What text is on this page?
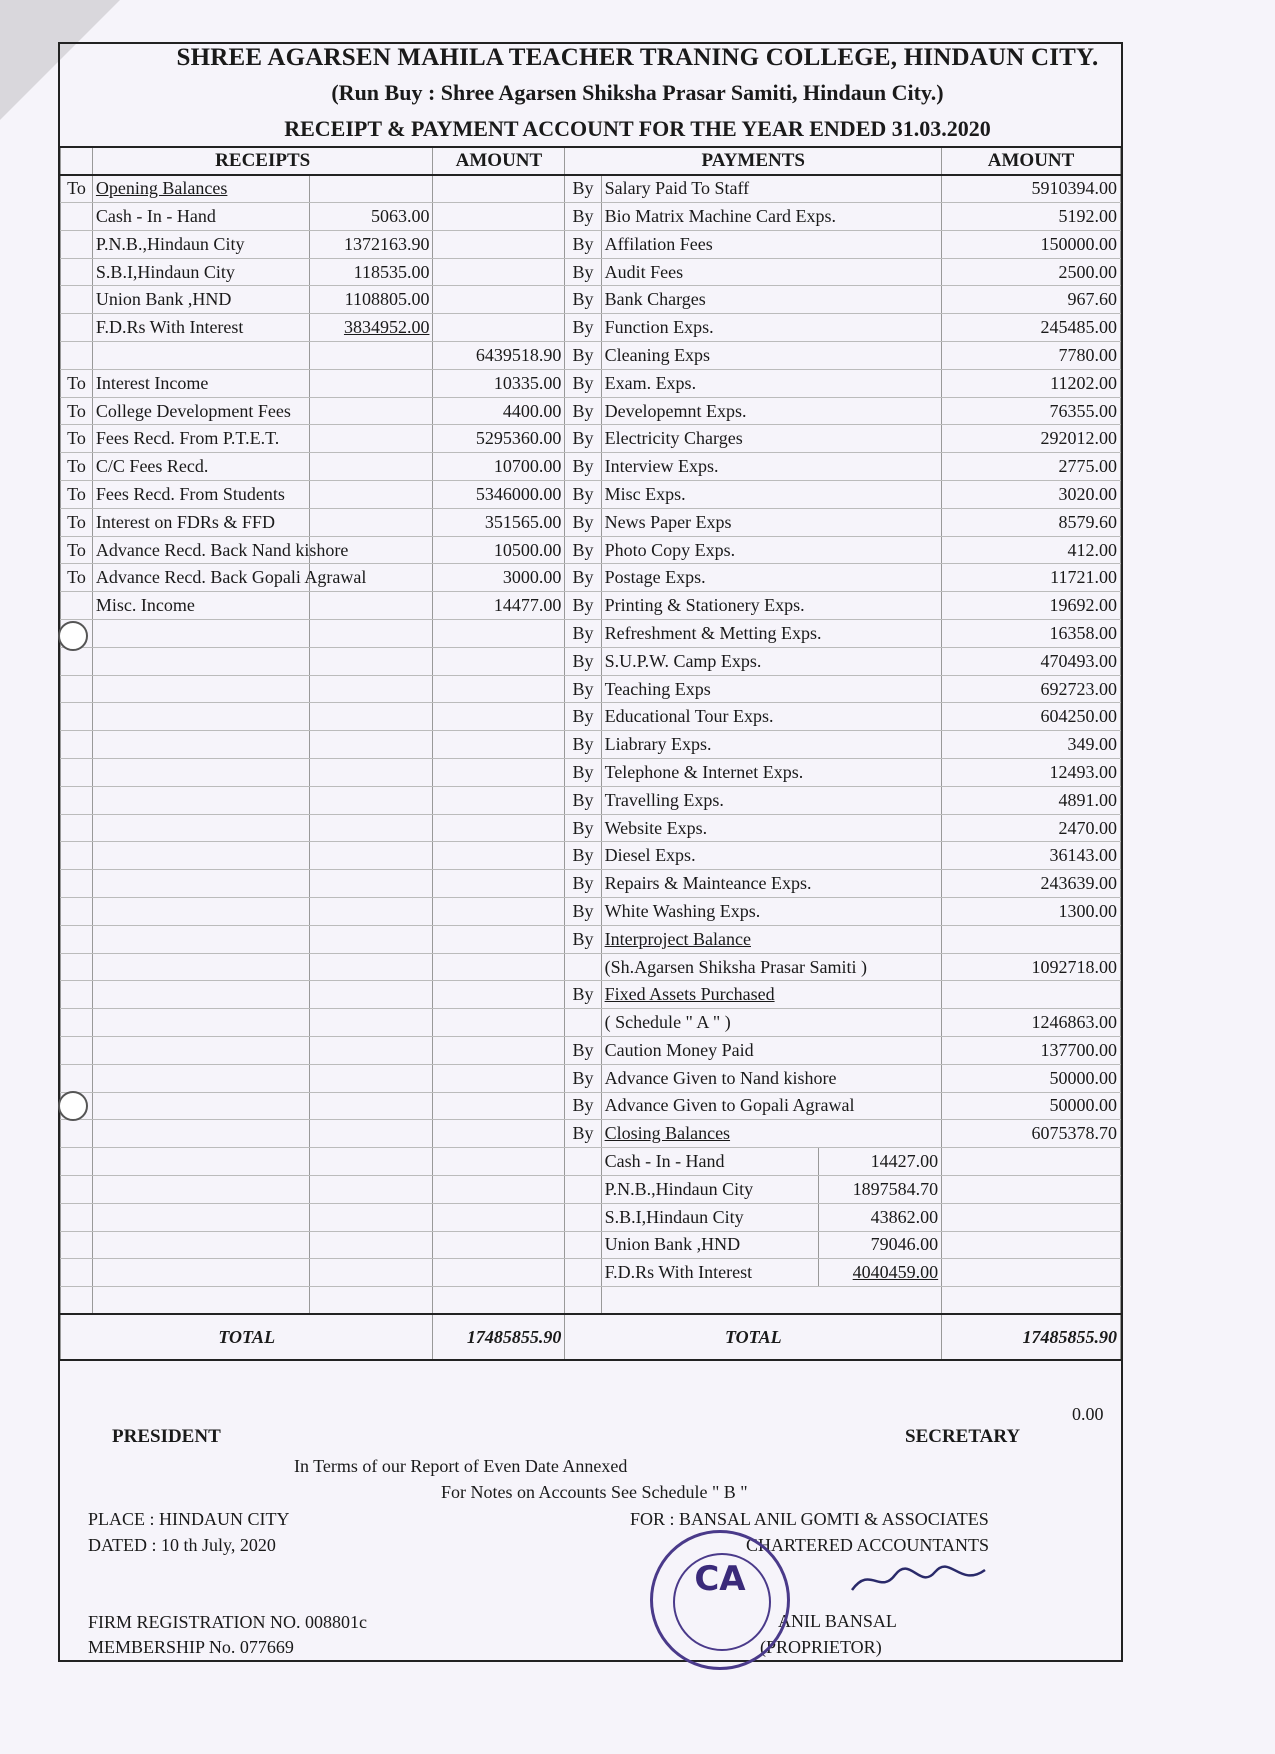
SHREE AGARSEN MAHILA TEACHER TRANING COLLEGE, HINDAUN CITY.
(Run Buy : Shree Agarsen Shiksha Prasar Samiti, Hindaun City.)
RECEIPT & PAYMENT ACCOUNT FOR THE YEAR ENDED 31.03.2020
	RECEIPTS		AMOUNT	PAYMENTS			AMOUNT
To	Opening Balances			By	Salary Paid To Staff		5910394.00
	Cash - In - Hand	5063.00		By	Bio Matrix Machine Card Exps.		5192.00
	P.N.B.,Hindaun City	1372163.90		By	Affilation Fees		150000.00
	S.B.I,Hindaun City	118535.00		By	Audit Fees		2500.00
	Union Bank ,HND	1108805.00		By	Bank Charges		967.60
	F.D.Rs With Interest	3834952.00		By	Function Exps.		245485.00
			6439518.90	By	Cleaning Exps		7780.00
To	Interest Income		10335.00	By	Exam. Exps.		11202.00
To	College Development Fees		4400.00	By	Developemnt Exps.		76355.00
To	Fees Recd. From P.T.E.T.		5295360.00	By	Electricity Charges		292012.00
To	C/C Fees Recd.		10700.00	By	Interview Exps.		2775.00
To	Fees Recd. From Students		5346000.00	By	Misc Exps.		3020.00
To	Interest on FDRs & FFD		351565.00	By	News Paper Exps		8579.60
To	Advance Recd. Back Nand kishore		10500.00	By	Photo Copy Exps.		412.00
To	Advance Recd. Back Gopali Agrawal		3000.00	By	Postage Exps.		11721.00
	Misc. Income		14477.00	By	Printing & Stationery Exps.		19692.00
				By	Refreshment & Metting Exps.		16358.00
				By	S.U.P.W. Camp Exps.		470493.00
				By	Teaching Exps		692723.00
				By	Educational Tour Exps.		604250.00
				By	Liabrary Exps.		349.00
				By	Telephone & Internet Exps.		12493.00
				By	Travelling Exps.		4891.00
				By	Website Exps.		2470.00
				By	Diesel Exps.		36143.00
				By	Repairs & Mainteance Exps.		243639.00
				By	White Washing Exps.		1300.00
				By	Interproject Balance		
					(Sh.Agarsen Shiksha Prasar Samiti )		1092718.00
				By	Fixed Assets Purchased		
					( Schedule " A " )		1246863.00
				By	Caution Money Paid		137700.00
				By	Advance Given to Nand kishore		50000.00
				By	Advance Given to Gopali Agrawal		50000.00
				By	Closing Balances		6075378.70
					Cash - In - Hand	14427.00	
					P.N.B.,Hindaun City	1897584.70	
					S.B.I,Hindaun City	43862.00	
					Union Bank ,HND	79046.00	
					F.D.Rs With Interest	4040459.00	

TOTAL			17485855.90	TOTAL			17485855.90
0.00
PRESIDENT	SECRETARY
In Terms of our Report of Even Date Annexed
For Notes on Accounts See Schedule " B "
PLACE : HINDAUN CITY	FOR : BANSAL ANIL GOMTI & ASSOCIATES
DATED : 10 th July, 2020	CHARTERED ACCOUNTANTS
FIRM REGISTRATION NO. 008801c
MEMBERSHIP No. 077669
ANIL BANSAL
(PROPRIETOR)
CA
